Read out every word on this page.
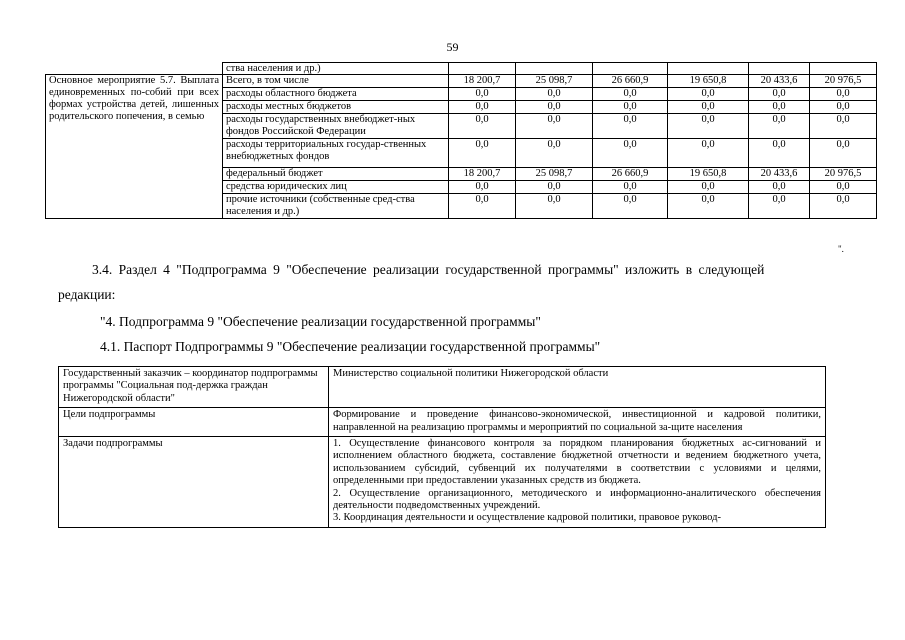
59
	ства населения и др.)						
Основное мероприятие 5.7. Выплата единовременных по-собий при всех формах устройства детей, лишенных родительского попечения, в семью	Всего, в том числе	18 200,7	25 098,7	26 660,9	19 650,8	20 433,6	20 976,5
	расходы областного бюджета	0,0	0,0	0,0	0,0	0,0	0,0
	расходы местных бюджетов	0,0	0,0	0,0	0,0	0,0	0,0
	расходы государственных внебюджет-ных фондов Российской Федерации	0,0	0,0	0,0	0,0	0,0	0,0
	расходы территориальных государ-ственных внебюджетных фондов	0,0	0,0	0,0	0,0	0,0	0,0
	федеральный бюджет	18 200,7	25 098,7	26 660,9	19 650,8	20 433,6	20 976,5
	средства юридических лиц	0,0	0,0	0,0	0,0	0,0	0,0
	прочие источники (собственные сред-ства населения и др.)	0,0	0,0	0,0	0,0	0,0	0,0
".
3.4. Раздел 4 "Подпрограмма 9 "Обеспечение реализации государственной программы" изложить в следующей
редакции:
"4. Подпрограмма 9 "Обеспечение реализации государственной программы"
4.1. Паспорт Подпрограммы 9 "Обеспечение реализации государственной программы"
Государственный заказчик – координатор подпрограммы программы "Социальная под-держка граждан Нижегородской области"	Министерство социальной политики Нижегородской области
Цели подпрограммы	Формирование и проведение финансово-экономической, инвестиционной и кадровой политики, направленной на реализацию программы и мероприятий по социальной за-щите населения
Задачи подпрограммы	1. Осуществление финансового контроля за порядком планирования бюджетных ас-сигнований и исполнением областного бюджета, составление бюджетной отчетности и ведением бюджетного учета, использованием субсидий, субвенций их получателями в соответствии с условиями и целями, определенными при предоставлении указанных средств из бюджета.
2. Осуществление организационного, методического и информационно-аналитического обеспечения деятельности подведомственных учреждений.
3. Координация деятельности и осуществление кадровой политики, правовое руковод-
